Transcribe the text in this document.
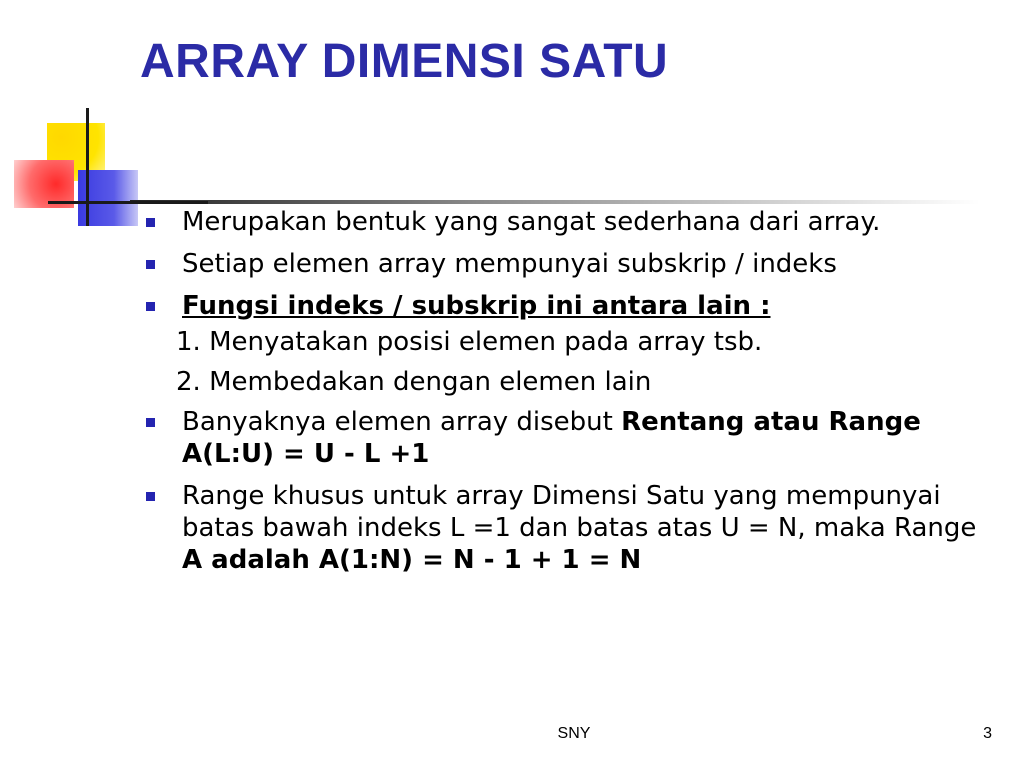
ARRAY DIMENSI SATU
Merupakan bentuk yang sangat sederhana dari array.
Setiap elemen array mempunyai subskrip / indeks
Fungsi indeks / subskrip ini antara lain :
1. Menyatakan posisi elemen pada array tsb.
2. Membedakan dengan elemen lain
Banyaknya elemen array disebut Rentang atau Range A(L:U) = U - L +1
Range khusus untuk array Dimensi Satu yang mempunyai batas bawah indeks L =1 dan batas atas U = N, maka Range A adalah A(1:N) = N - 1 + 1 = N
SNY	3
